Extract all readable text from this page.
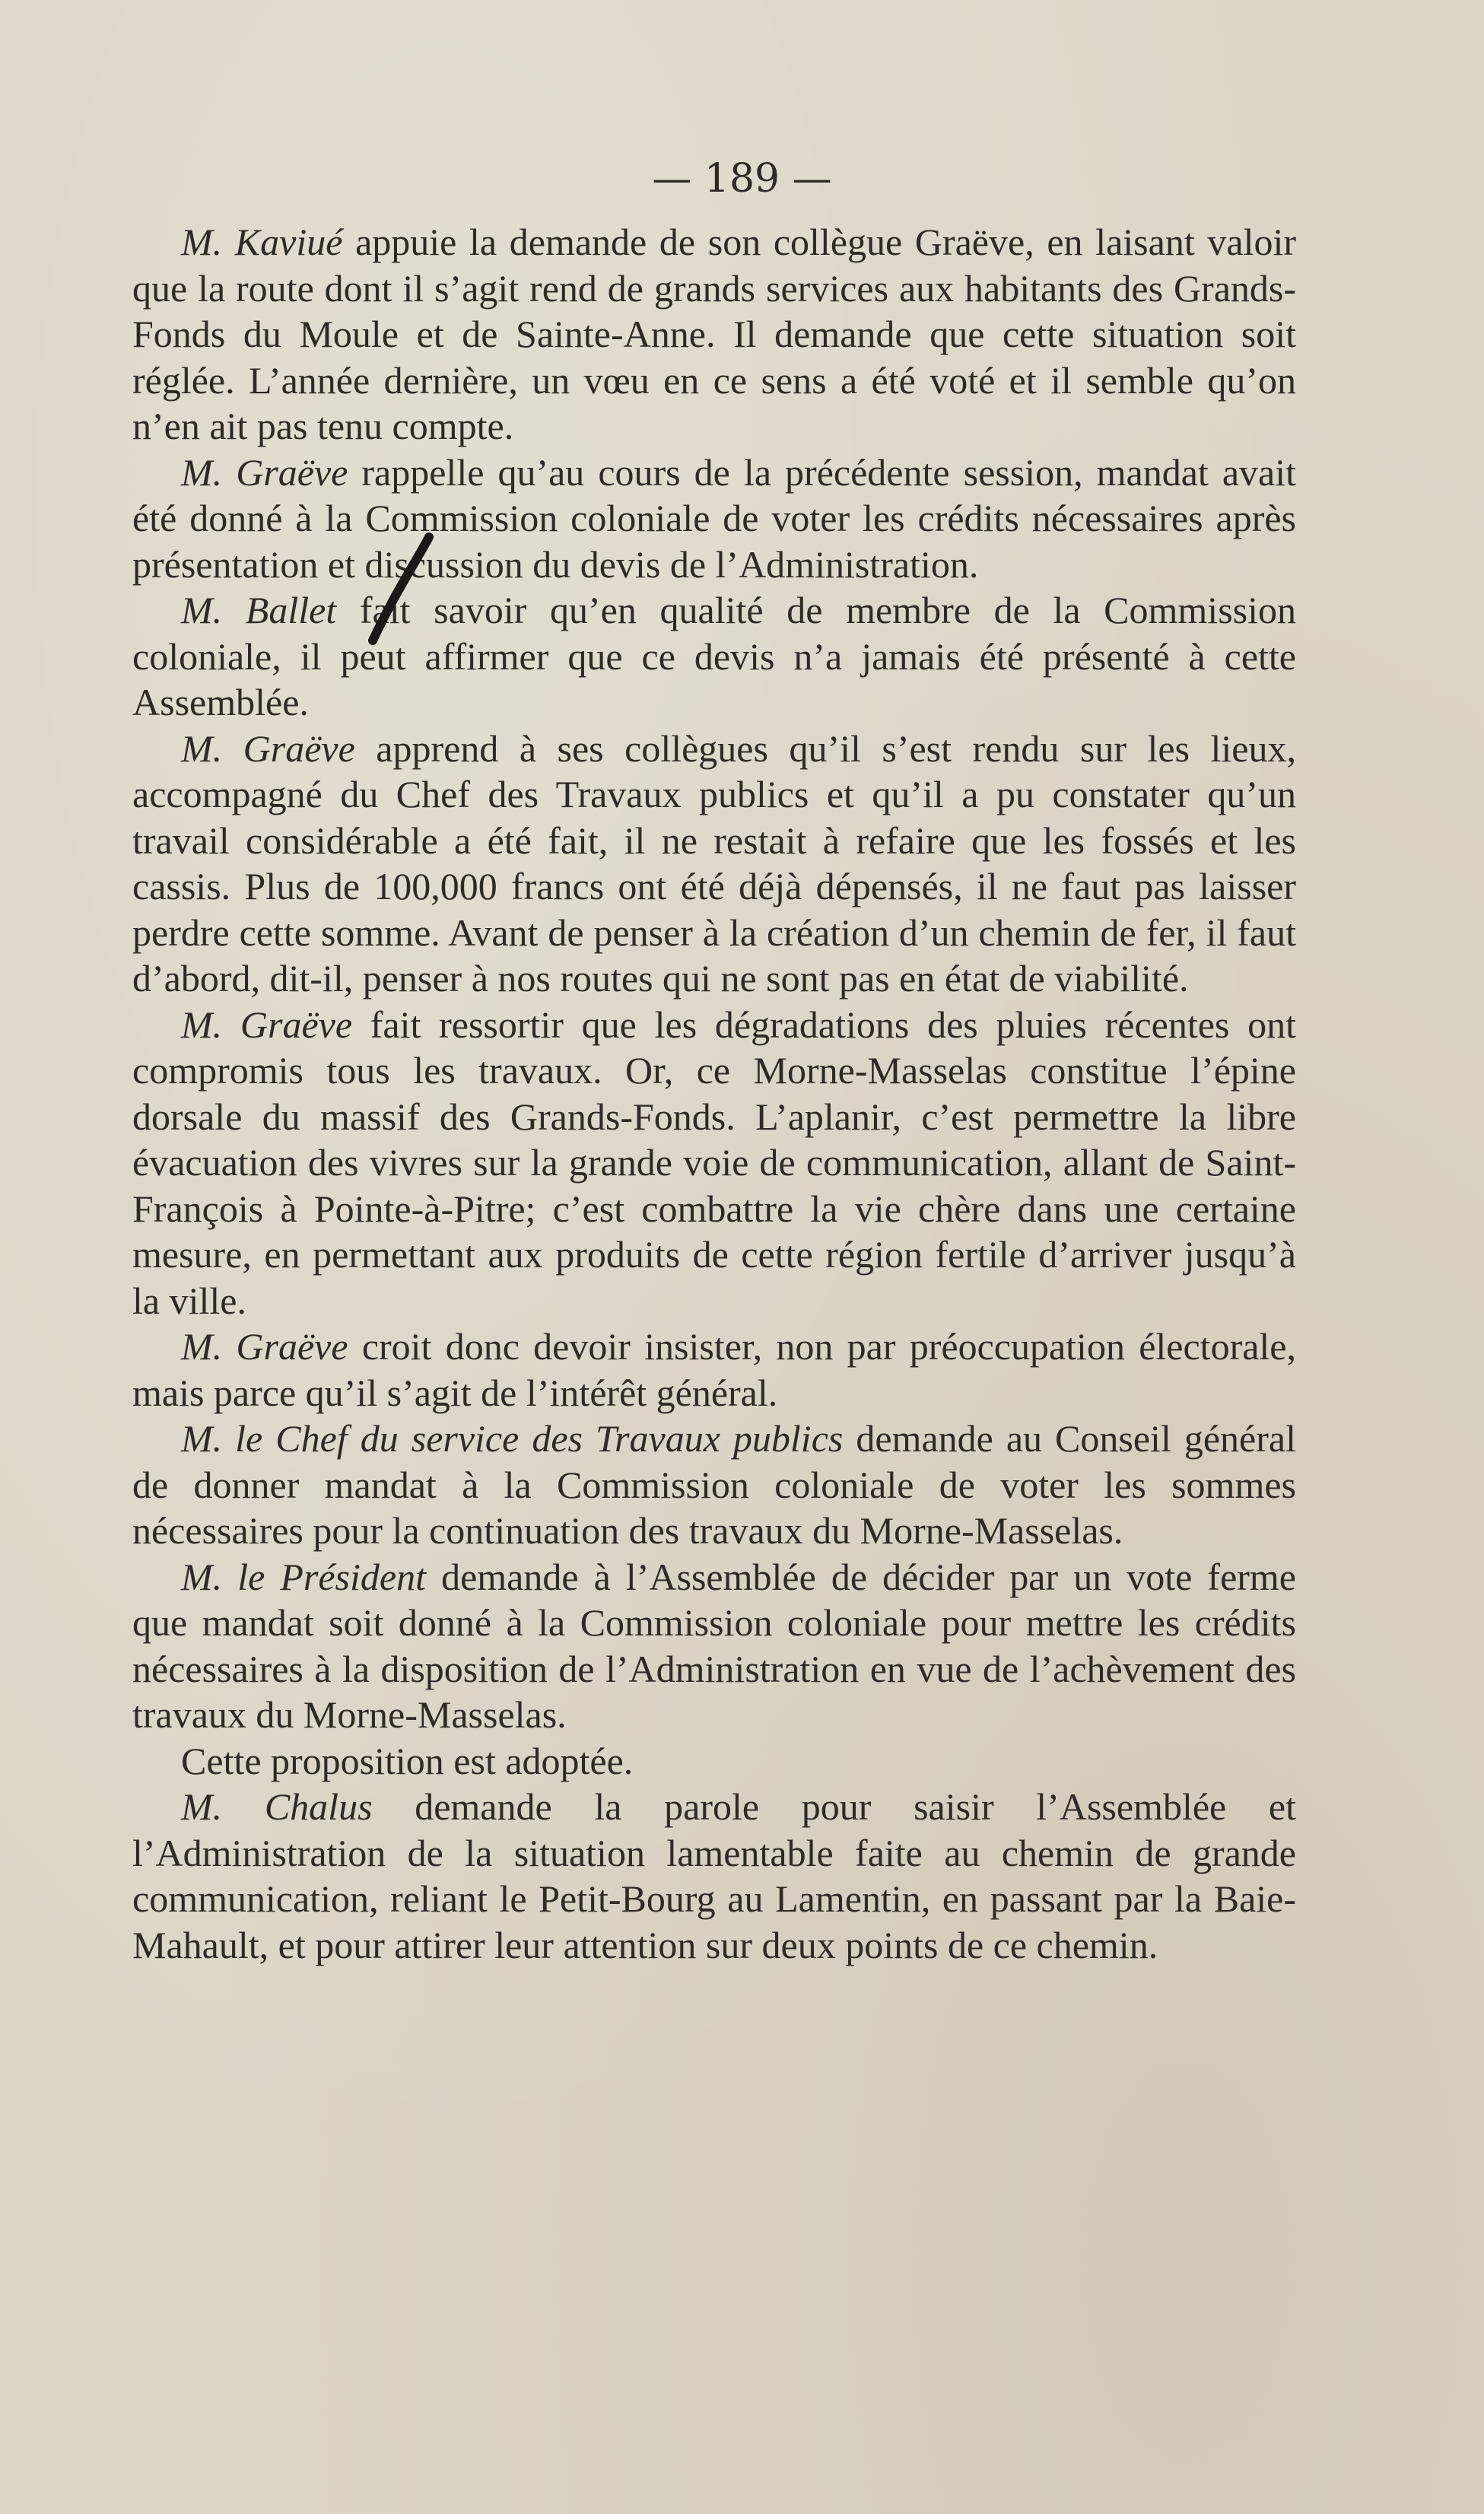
— 189 —

M. Kaviué appuie la demande de son collègue Graëve, en laisant valoir que la route dont il s’agit rend de grands services aux habitants des Grands-Fonds du Moule et de Sainte-Anne. Il demande que cette situation soit réglée. L’année dernière, un vœu en ce sens a été voté et il semble qu’on n’en ait pas tenu compte.

M. Graëve rappelle qu’au cours de la précédente session, mandat avait été donné à la Commission coloniale de voter les crédits nécessaires après présentation et discussion du devis de l’Administration.

M. Ballet fait savoir qu’en qualité de membre de la Commission coloniale, il peut affirmer que ce devis n’a jamais été présenté à cette Assemblée.

M. Graëve apprend à ses collègues qu’il s’est rendu sur les lieux, accompagné du Chef des Travaux publics et qu’il a pu constater qu’un travail considérable a été fait, il ne restait à refaire que les fossés et les cassis. Plus de 100,000 francs ont été déjà dépensés, il ne faut pas laisser perdre cette somme. Avant de penser à la création d’un chemin de fer, il faut d’abord, dit-il, penser à nos routes qui ne sont pas en état de viabilité.

M. Graëve fait ressortir que les dégradations des pluies récentes ont compromis tous les travaux. Or, ce Morne-Masselas constitue l’épine dorsale du massif des Grands-Fonds. L’aplanir, c’est permettre la libre évacuation des vivres sur la grande voie de communication, allant de Saint-François à Pointe-à-Pitre; c’est combattre la vie chère dans une certaine mesure, en permettant aux produits de cette région fertile d’arriver jusqu’à la ville.

M. Graëve croit donc devoir insister, non par préoccupation électorale, mais parce qu’il s’agit de l’intérêt général.

M. le Chef du service des Travaux publics demande au Conseil général de donner mandat à la Commission coloniale de voter les sommes nécessaires pour la continuation des travaux du Morne-Masselas.

M. le Président demande à l’Assemblée de décider par un vote ferme que mandat soit donné à la Commission coloniale pour mettre les crédits nécessaires à la disposition de l’Administration en vue de l’achèvement des travaux du Morne-Masselas.

Cette proposition est adoptée.

M. Chalus demande la parole pour saisir l’Assemblée et l’Administration de la situation lamentable faite au chemin de grande communication, reliant le Petit-Bourg au Lamentin, en passant par la Baie-Mahault, et pour attirer leur attention sur deux points de ce chemin.
